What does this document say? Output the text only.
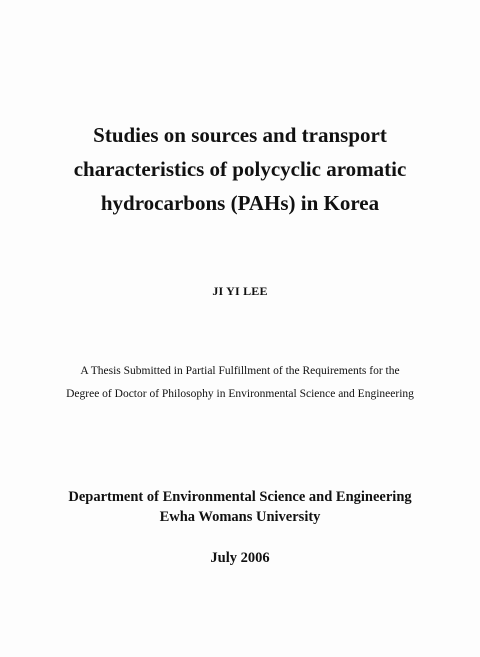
Studies on sources and transport
characteristics of polycyclic aromatic
hydrocarbons (PAHs) in Korea
JI YI LEE
A Thesis Submitted in Partial Fulfillment of the Requirements for the
Degree of Doctor of Philosophy in Environmental Science and Engineering
Department of Environmental Science and Engineering
Ewha Womans University
July 2006
